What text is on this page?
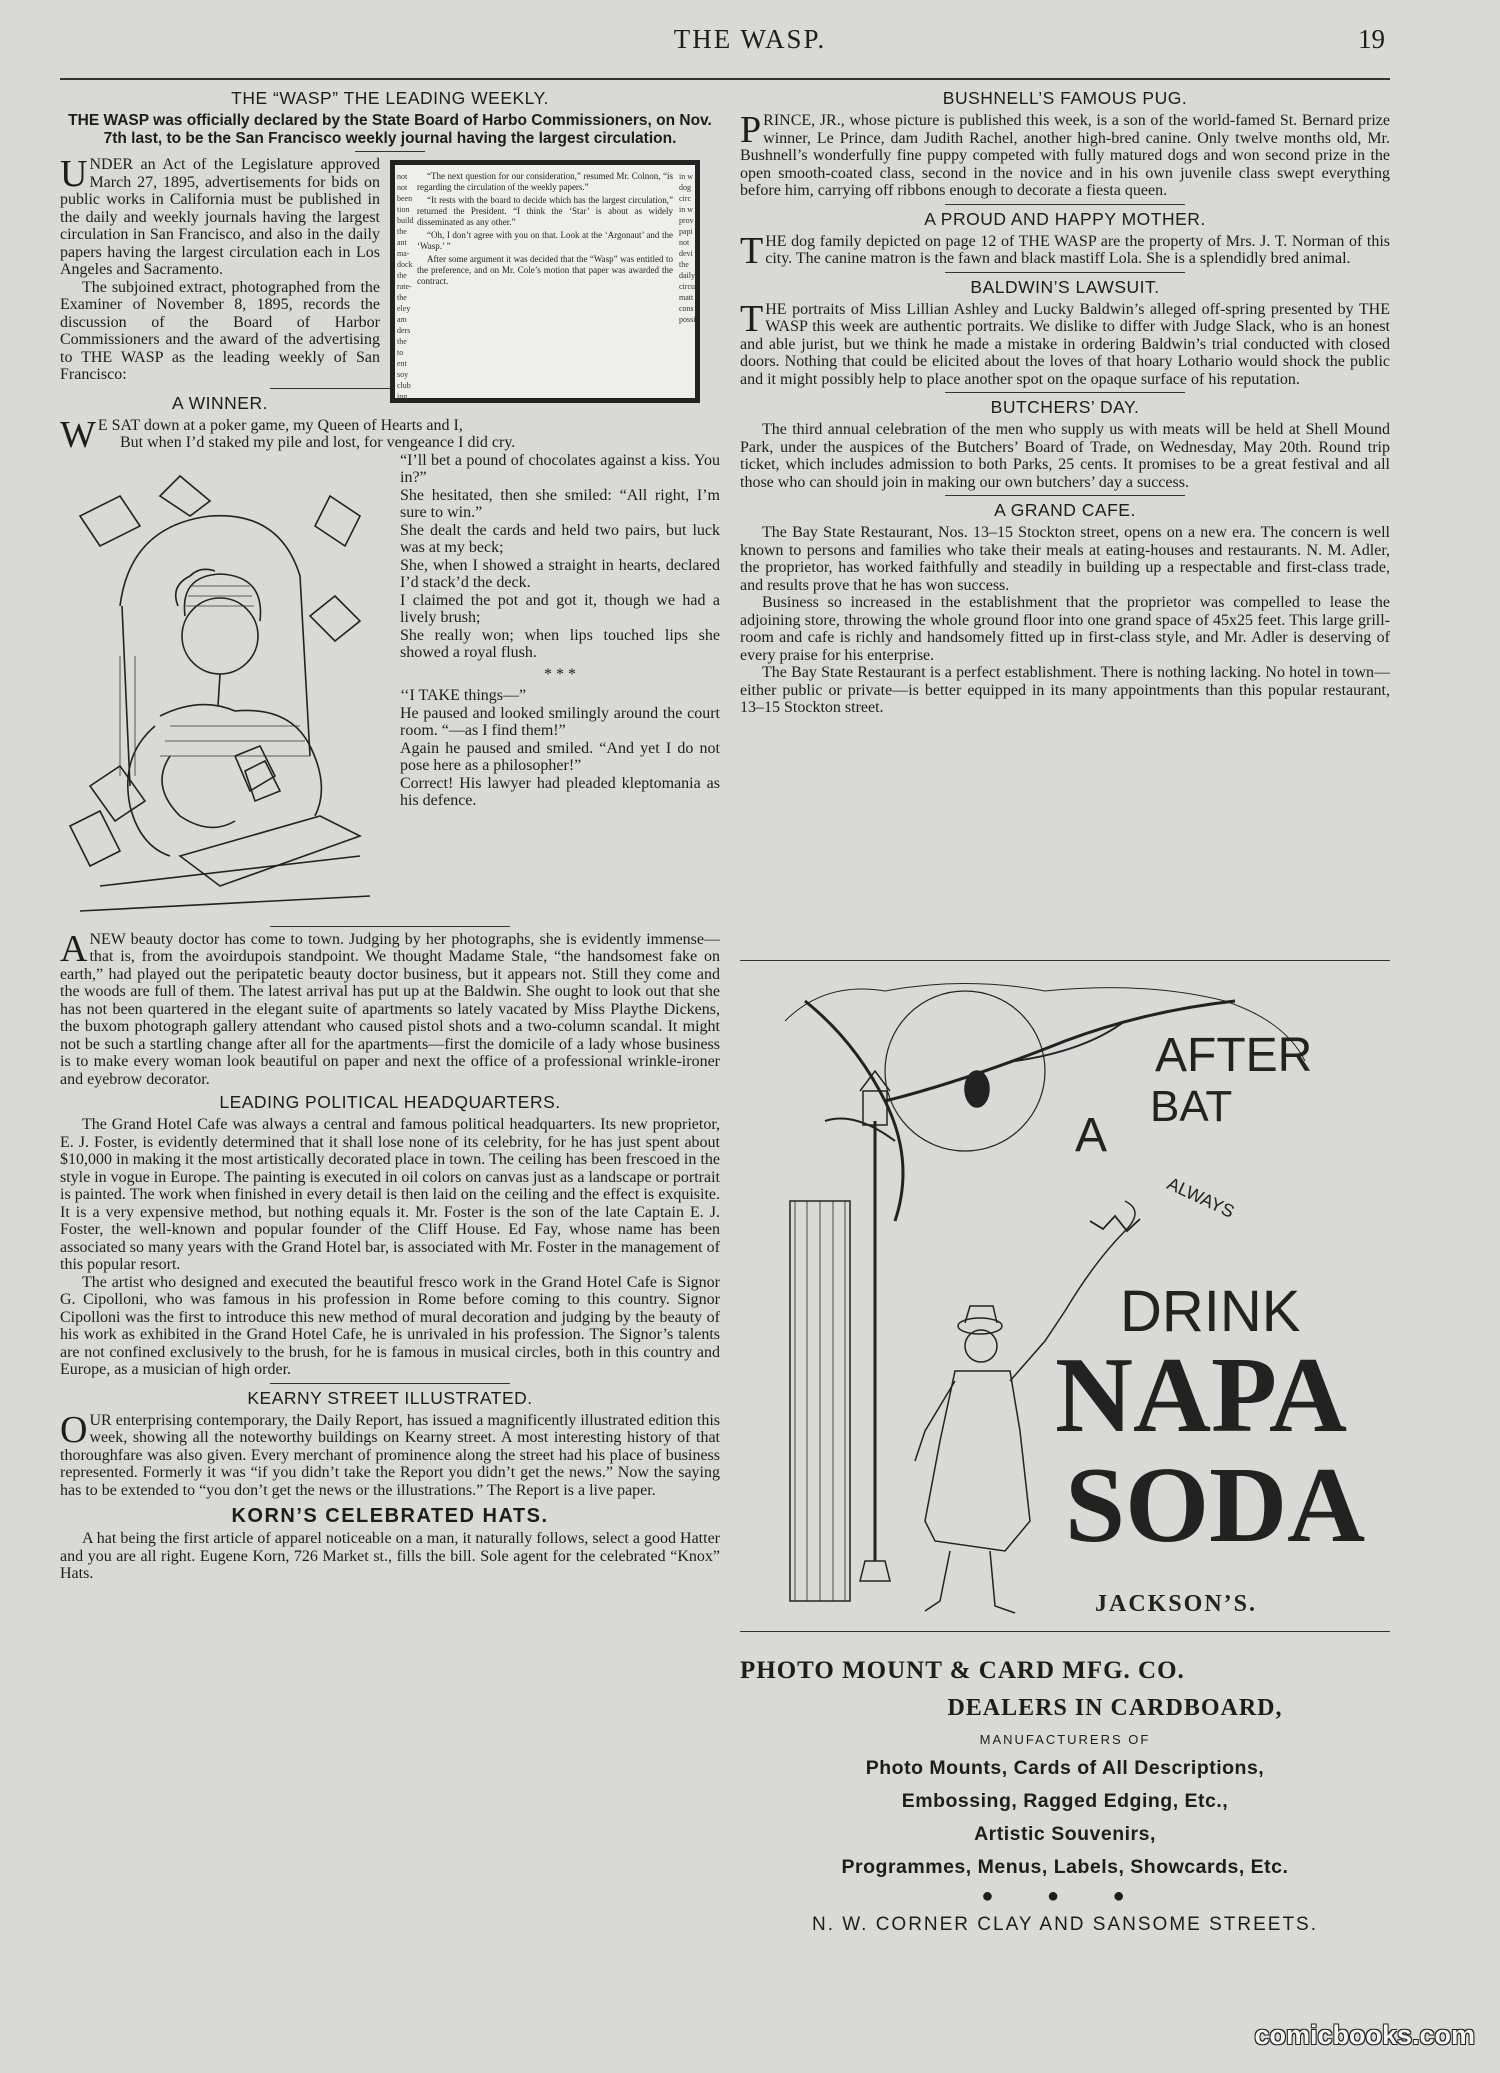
THE WASP.	19
THE “WASP” THE LEADING WEEKLY.
THE WASP was officially declared by the State Board of Harbo Commissioners, on Nov. 7th last, to be the San Francisco weekly journal having the largest circulation.
not not been tion build the ant ma- dock the rate- the eley am ders the to ent soy club ing
in w dog circ in w prov papi not devi the daily circu matt cons possi

“The next question for our consideration,” resumed Mr. Colnon, “is regarding the circulation of the weekly papers.”

“It rests with the board to decide which has the largest circulation,” returned the President. “I think the ‘Star’ is about as widely disseminated as any other.”

“Oh, I don’t agree with you on that. Look at the ‘Argonaut’ and the ‘Wasp.’ ”

After some argument it was decided that the “Wasp” was entitled to the preference, and on Mr. Cole’s motion that paper was awarded the contract.

UNDER an Act of the Legislature approved March 27, 1895, advertisements for bids on public works in California must be published in the daily and weekly journals having the largest circulation in San Francisco, and also in the daily papers having the largest circulation each in Los Angeles and Sacramento.

The subjoined extract, photographed from the Examiner of November 8, 1895, records the discussion of the Board of Harbor Commissioners and the award of the advertising to THE WASP as the leading weekly of San Francisco:

A WINNER.

W E SAT down at a poker game, my Queen of Hearts and I,

But when I’d staked my pile and lost, for vengeance I did cry.

“I’ll bet a pound of chocolates against a kiss. You in?”

She hesitated, then she smiled: “All right, I’m sure to win.”

She dealt the cards and held two pairs, but luck was at my beck;

She, when I showed a straight in hearts, declared I’d stack’d the deck.

I claimed the pot and got it, though we had a lively brush;

She really won; when lips touched lips she showed a royal flush.

* * *

‘‘I TAKE things—”

He paused and looked smilingly around the court room. “—as I find them!”

Again he paused and smiled. “And yet I do not pose here as a philosopher!”

Correct! His lawyer had pleaded kleptomania as his defence.

ANEW beauty doctor has come to town. Judging by her photographs, she is evidently immense—that is, from the avoirdupois standpoint. We thought Madame Stale, “the handsomest fake on earth,” had played out the peripatetic beauty doctor business, but it appears not. Still they come and the woods are full of them. The latest arrival has put up at the Baldwin. She ought to look out that she has not been quartered in the elegant suite of apartments so lately vacated by Miss Playthe Dickens, the buxom photograph gallery attendant who caused pistol shots and a two-column scandal. It might not be such a startling change after all for the apartments—first the domicile of a lady whose business is to make every woman look beautiful on paper and next the office of a professional wrinkle-ironer and eyebrow decorator.

LEADING POLITICAL HEADQUARTERS.

The Grand Hotel Cafe was always a central and famous political headquarters. Its new proprietor, E. J. Foster, is evidently determined that it shall lose none of its celebrity, for he has just spent about $10,000 in making it the most artistically decorated place in town. The ceiling has been frescoed in the style in vogue in Europe. The painting is executed in oil colors on canvas just as a landscape or portrait is painted. The work when finished in every detail is then laid on the ceiling and the effect is exquisite. It is a very expensive method, but nothing equals it. Mr. Foster is the son of the late Captain E. J. Foster, the well-known and popular founder of the Cliff House. Ed Fay, whose name has been associated so many years with the Grand Hotel bar, is associated with Mr. Foster in the management of this popular resort.

The artist who designed and executed the beautiful fresco work in the Grand Hotel Cafe is Signor G. Cipolloni, who was famous in his profession in Rome before coming to this country. Signor Cipolloni was the first to introduce this new method of mural decoration and judging by the beauty of his work as exhibited in the Grand Hotel Cafe, he is unrivaled in his profession. The Signor’s talents are not confined exclusively to the brush, for he is famous in musical circles, both in this country and Europe, as a musician of high order.

KEARNY STREET ILLUSTRATED.

OUR enterprising contemporary, the Daily Report, has issued a magnificently illustrated edition this week, showing all the noteworthy buildings on Kearny street. A most interesting history of that thoroughfare was also given. Every merchant of prominence along the street had his place of business represented. Formerly it was “if you didn’t take the Report you didn’t get the news.” Now the saying has to be extended to “you don’t get the news or the illustrations.” The Report is a live paper.

KORN’S CELEBRATED HATS.

A hat being the first article of apparel noticeable on a man, it naturally follows, select a good Hatter and you are all right. Eugene Korn, 726 Market st., fills the bill. Sole agent for the celebrated “Knox” Hats.

BUSHNELL’S FAMOUS PUG.

PRINCE, JR., whose picture is published this week, is a son of the world-famed St. Bernard prize winner, Le Prince, dam Judith Rachel, another high-bred canine. Only twelve months old, Mr. Bushnell’s wonderfully fine puppy competed with fully matured dogs and won second prize in the open smooth-coated class, second in the novice and in his own juvenile class swept everything before him, carrying off ribbons enough to decorate a fiesta queen.

A PROUD AND HAPPY MOTHER.

THE dog family depicted on page 12 of THE WASP are the property of Mrs. J. T. Norman of this city. The canine matron is the fawn and black mastiff Lola. She is a splendidly bred animal.

BALDWIN’S LAWSUIT.

THE portraits of Miss Lillian Ashley and Lucky Baldwin’s alleged off-spring presented by THE WASP this week are authentic portraits. We dislike to differ with Judge Slack, who is an honest and able jurist, but we think he made a mistake in ordering Baldwin’s trial conducted with closed doors. Nothing that could be elicited about the loves of that hoary Lothario would shock the public and it might possibly help to place another spot on the opaque surface of his reputation.

BUTCHERS’ DAY.

The third annual celebration of the men who supply us with meats will be held at Shell Mound Park, under the auspices of the Butchers’ Board of Trade, on Wednesday, May 20th. Round trip ticket, which includes admission to both Parks, 25 cents. It promises to be a great festival and all those who can should join in making our own butchers’ day a success.

A GRAND CAFE.

The Bay State Restaurant, Nos. 13–15 Stockton street, opens on a new era. The concern is well known to persons and families who take their meals at eating-houses and restaurants. N. M. Adler, the proprietor, has worked faithfully and steadily in building up a respectable and first-class trade, and results prove that he has won success.

Business so increased in the establishment that the proprietor was compelled to lease the adjoining store, throwing the whole ground floor into one grand space of 45x25 feet. This large grill-room and cafe is richly and handsomely fitted up in first-class style, and Mr. Adler is deserving of every praise for his enterprise.

The Bay State Restaurant is a perfect establishment. There is nothing lacking. No hotel in town—either public or private—is better equipped in its many appointments than this popular restaurant, 13–15 Stockton street.

AFTER
A
BAT
ALWAYS
DRINK
NAPA
SODA
JACKSON’S.
PHOTO MOUNT & CARD MFG. CO.
DEALERS IN CARDBOARD,
MANUFACTURERS OF
Photo Mounts, Cards of All Descriptions,
Embossing, Ragged Edging, Etc.,
Artistic Souvenirs,
Programmes, Menus, Labels, Showcards, Etc.
● ● ●
N. W. CORNER CLAY AND SANSOME STREETS.
comicbooks.com
